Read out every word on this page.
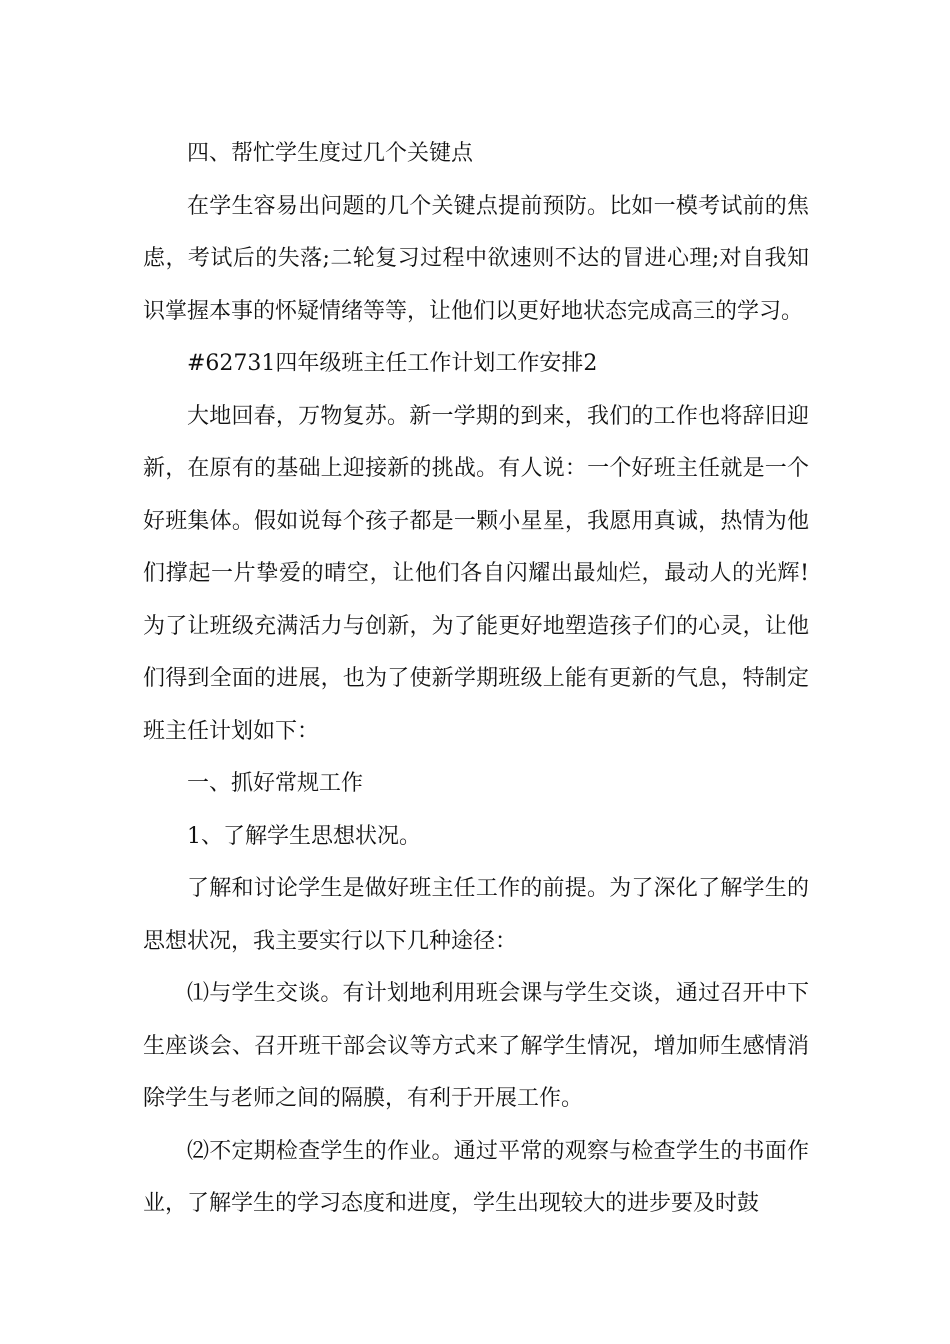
四、帮忙学生度过几个关键点

在学生容易出问题的几个关键点提前预防。比如一模考试前的焦虑，考试后的失落;二轮复习过程中欲速则不达的冒进心理;对自我知识掌握本事的怀疑情绪等等，让他们以更好地状态完成高三的学习。

#62731四年级班主任工作计划工作安排2

大地回春，万物复苏。新一学期的到来，我们的工作也将辞旧迎新，在原有的基础上迎接新的挑战。有人说：一个好班主任就是一个好班集体。假如说每个孩子都是一颗小星星，我愿用真诚，热情为他们撑起一片挚爱的晴空，让他们各自闪耀出最灿烂，最动人的光辉!为了让班级充满活力与创新，为了能更好地塑造孩子们的心灵，让他们得到全面的进展，也为了使新学期班级上能有更新的气息，特制定班主任计划如下：

一、抓好常规工作

1、了解学生思想状况。

了解和讨论学生是做好班主任工作的前提。为了深化了解学生的思想状况，我主要实行以下几种途径：

⑴与学生交谈。有计划地利用班会课与学生交谈，通过召开中下生座谈会、召开班干部会议等方式来了解学生情况，增加师生感情消除学生与老师之间的隔膜，有利于开展工作。

⑵不定期检查学生的作业。通过平常的观察与检查学生的书面作业，了解学生的学习态度和进度，学生出现较大的进步要及时鼓
